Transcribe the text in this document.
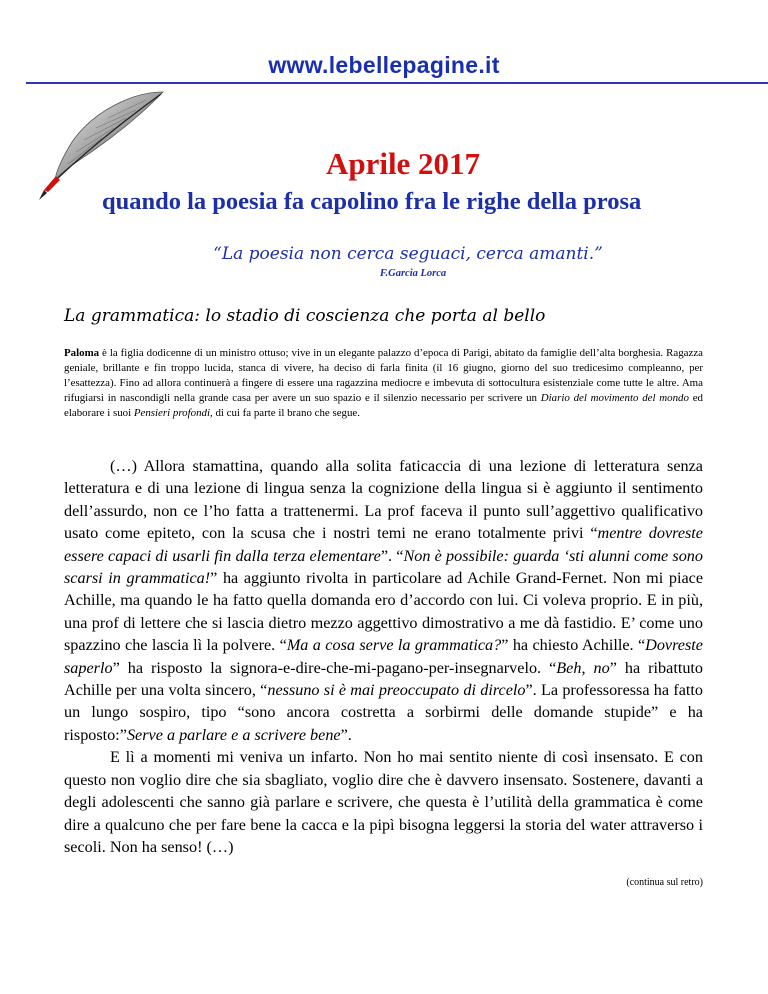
www.lebellepagine.it
Aprile 2017
quando la poesia fa capolino fra le righe della prosa
“La poesia non cerca seguaci, cerca amanti.”
F.Garcia Lorca
La grammatica: lo stadio di coscienza che porta al bello
Paloma è la figlia dodicenne di un ministro ottuso; vive in un elegante palazzo d’epoca di Parigi, abitato da famiglie dell’alta borghesia. Ragazza geniale, brillante e fin troppo lucida, stanca di vivere, ha deciso di farla finita (il 16 giugno, giorno del suo tredicesimo compleanno, per l’esattezza). Fino ad allora continuerà a fingere di essere una ragazzina mediocre e imbevuta di sottocultura esistenziale come tutte le altre. Ama rifugiarsi in nascondigli nella grande casa per avere un suo spazio e il silenzio necessario per scrivere un Diario del movimento del mondo ed elaborare i suoi Pensieri profondi, di cui fa parte il brano che segue.

(…) Allora stamattina, quando alla solita faticaccia di una lezione di letteratura senza letteratura e di una lezione di lingua senza la cognizione della lingua si è aggiunto il sentimento dell’assurdo, non ce l’ho fatta a trattenermi. La prof faceva il punto sull’aggettivo qualificativo usato come epiteto, con la scusa che i nostri temi ne erano totalmente privi “mentre dovreste essere capaci di usarli fin dalla terza elementare”. “Non è possibile: guarda ‘sti alunni come sono scarsi in grammatica!” ha aggiunto rivolta in particolare ad Achile Grand-Fernet. Non mi piace Achille, ma quando le ha fatto quella domanda ero d’accordo con lui. Ci voleva proprio. E in più, una prof di lettere che si lascia dietro mezzo aggettivo dimostrativo a me dà fastidio. E’ come uno spazzino che lascia lì la polvere. “Ma a cosa serve la grammatica?” ha chiesto Achille. “Dovreste saperlo” ha risposto la signora-e-dire-che-mi-pagano-per-insegnarvelo. “Beh, no” ha ribattuto Achille per una volta sincero, “nessuno si è mai preoccupato di dircelo”. La professoressa ha fatto un lungo sospiro, tipo “sono ancora costretta a sorbirmi delle domande stupide” e ha risposto:”Serve a parlare e a scrivere bene”.

E lì a momenti mi veniva un infarto. Non ho mai sentito niente di così insensato. E con questo non voglio dire che sia sbagliato, voglio dire che è davvero insensato. Sostenere, davanti a degli adolescenti che sanno già parlare e scrivere, che questa è l’utilità della grammatica è come dire a qualcuno che per fare bene la cacca e la pipì bisogna leggersi la storia del water attraverso i secoli. Non ha senso! (…)

(continua sul retro)
